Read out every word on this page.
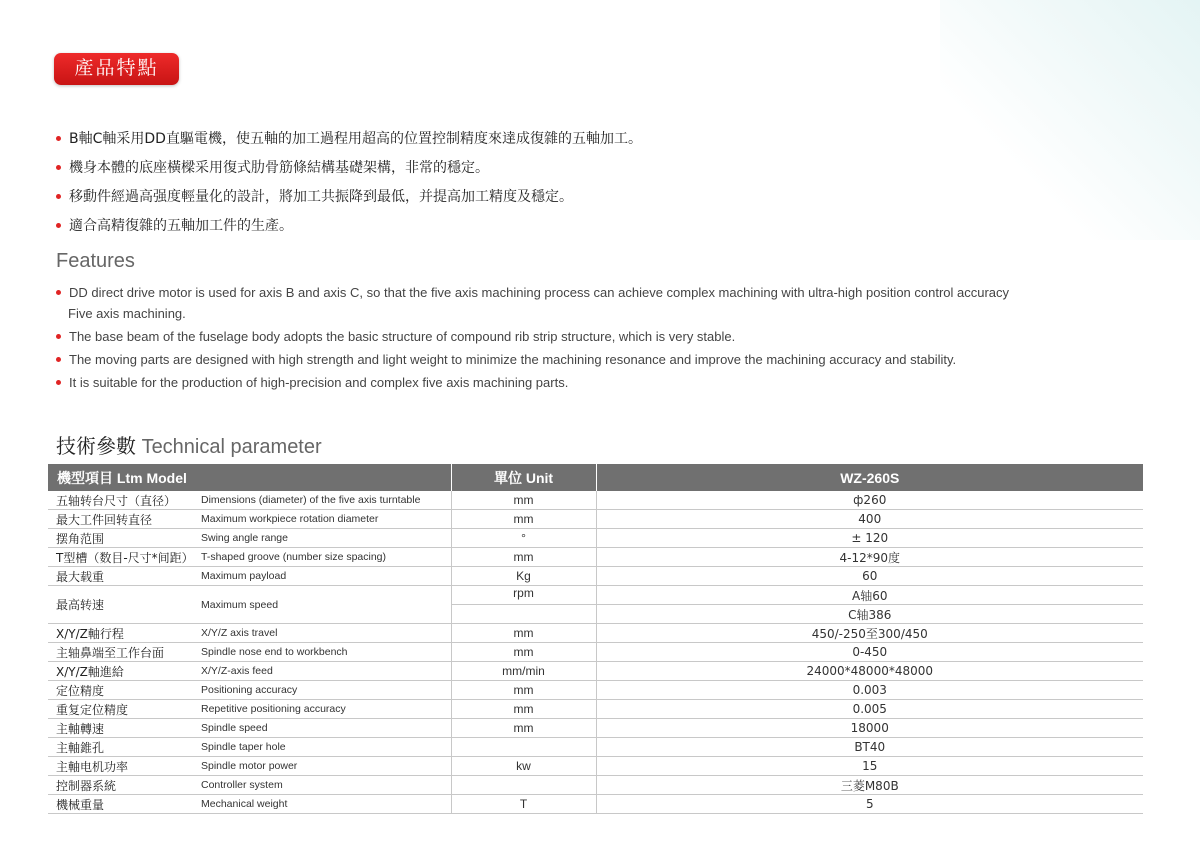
產品特點
B軸C軸采用DD直驅電機，使五軸的加工過程用超高的位置控制精度來達成復雜的五軸加工。
機身本體的底座橫樑采用復式肋骨筋條結構基礎架構，非常的穩定。
移動件經過高强度輕量化的設計，將加工共振降到最低，并提高加工精度及穩定。
適合高精復雜的五軸加工件的生產。
Features
DD direct drive motor is used for axis B and axis C, so that the five axis machining process can achieve complex machining with ultra-high position control accuracy
Five axis machining.
The base beam of the fuselage body adopts the basic structure of compound rib strip structure, which is very stable.
The moving parts are designed with high strength and light weight to minimize the machining resonance and improve the machining accuracy and stability.
It is suitable for the production of high-precision and complex five axis machining parts.
技術參數 Technical parameter
機型項目 Ltm Model		單位 Unit	WZ-260S
五轴转台尺寸（直径）	Dimensions (diameter) of the five axis turntable	mm	ф260
最大工件回转直径	Maximum workpiece rotation diameter	mm	400
摆角范围	Swing angle range	°	± 120
T型槽（数目-尺寸*间距）	T-shaped groove (number size spacing)	mm	4-12*90度
最大载重	Maximum payload	Kg	60
最高转速	Maximum speed	rpm	A轴60
			C轴386
X/Y/Z軸行程	X/Y/Z axis travel	mm	450/-250至300/450
主轴鼻端至工作台面	Spindle nose end to workbench	mm	0-450
X/Y/Z軸進給	X/Y/Z-axis feed	mm/min	24000*48000*48000
定位精度	Positioning accuracy	mm	0.003
重复定位精度	Repetitive positioning accuracy	mm	0.005
主軸轉速	Spindle speed	mm	18000
主軸錐孔	Spindle taper hole		BT40
主軸电机功率	Spindle motor power	kw	15
控制器系統	Controller system		三菱M80B
機械重量	Mechanical weight	T	5
